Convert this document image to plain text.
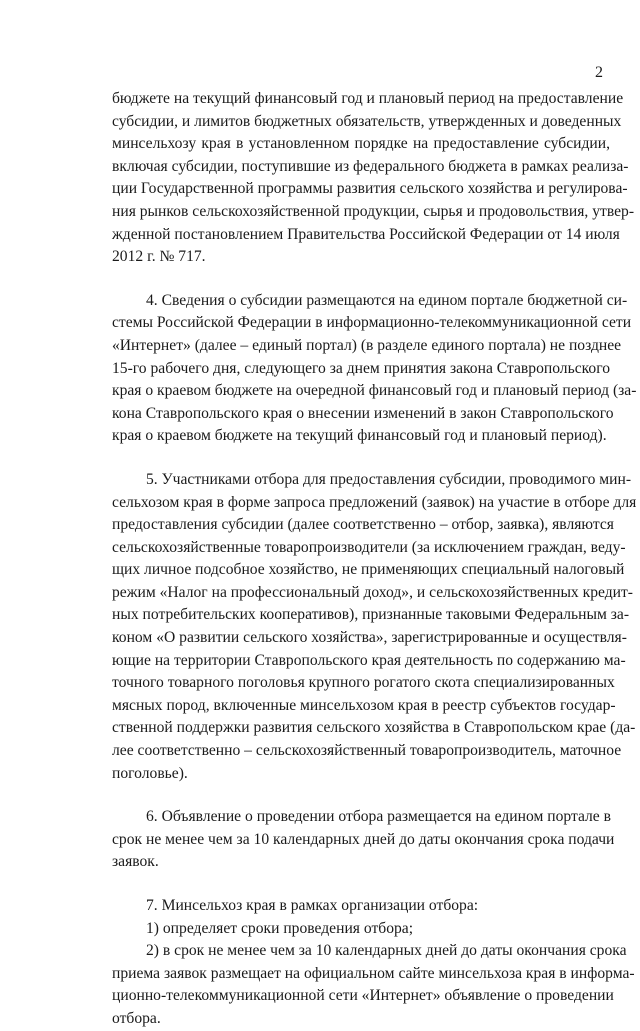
2
бюджете на текущий финансовый год и плановый период на предоставление
субсидии, и лимитов бюджетных обязательств, утвержденных и доведенных
минсельхозу края в установленном порядке на предоставление субсидии,
включая субсидии, поступившие из федерального бюджета в рамках реализа-
ции Государственной программы развития сельского хозяйства и регулирова-
ния рынков сельскохозяйственной продукции, сырья и продовольствия, утвер-
жденной постановлением Правительства Российской Федерации от 14 июля
2012 г. № 717.
4. Сведения о субсидии размещаются на едином портале бюджетной си-
стемы Российской Федерации в информационно-телекоммуникационной сети
«Интернет» (далее – единый портал) (в разделе единого портала) не позднее
15-го рабочего дня, следующего за днем принятия закона Ставропольского
края о краевом бюджете на очередной финансовый год и плановый период (за-
кона Ставропольского края о внесении изменений в закон Ставропольского
края о краевом бюджете на текущий финансовый год и плановый период).
5. Участниками отбора для предоставления субсидии, проводимого мин-
сельхозом края в форме запроса предложений (заявок) на участие в отборе для
предоставления субсидии (далее соответственно – отбор, заявка), являются
сельскохозяйственные товаропроизводители (за исключением граждан, веду-
щих личное подсобное хозяйство, не применяющих специальный налоговый
режим «Налог на профессиональный доход», и сельскохозяйственных кредит-
ных потребительских кооперативов), признанные таковыми Федеральным за-
коном «О развитии сельского хозяйства», зарегистрированные и осуществля-
ющие на территории Ставропольского края деятельность по содержанию ма-
точного товарного поголовья крупного рогатого скота специализированных
мясных пород, включенные минсельхозом края в реестр субъектов государ-
ственной поддержки развития сельского хозяйства в Ставропольском крае (да-
лее соответственно – сельскохозяйственный товаропроизводитель, маточное
поголовье).
6. Объявление о проведении отбора размещается на едином портале в
срок не менее чем за 10 календарных дней до даты окончания срока подачи
заявок.
7. Минсельхоз края в рамках организации отбора:
1) определяет сроки проведения отбора;
2) в срок не менее чем за 10 календарных дней до даты окончания срока
приема заявок размещает на официальном сайте минсельхоза края в информа-
ционно-телекоммуникационной сети «Интернет» объявление о проведении
отбора.
